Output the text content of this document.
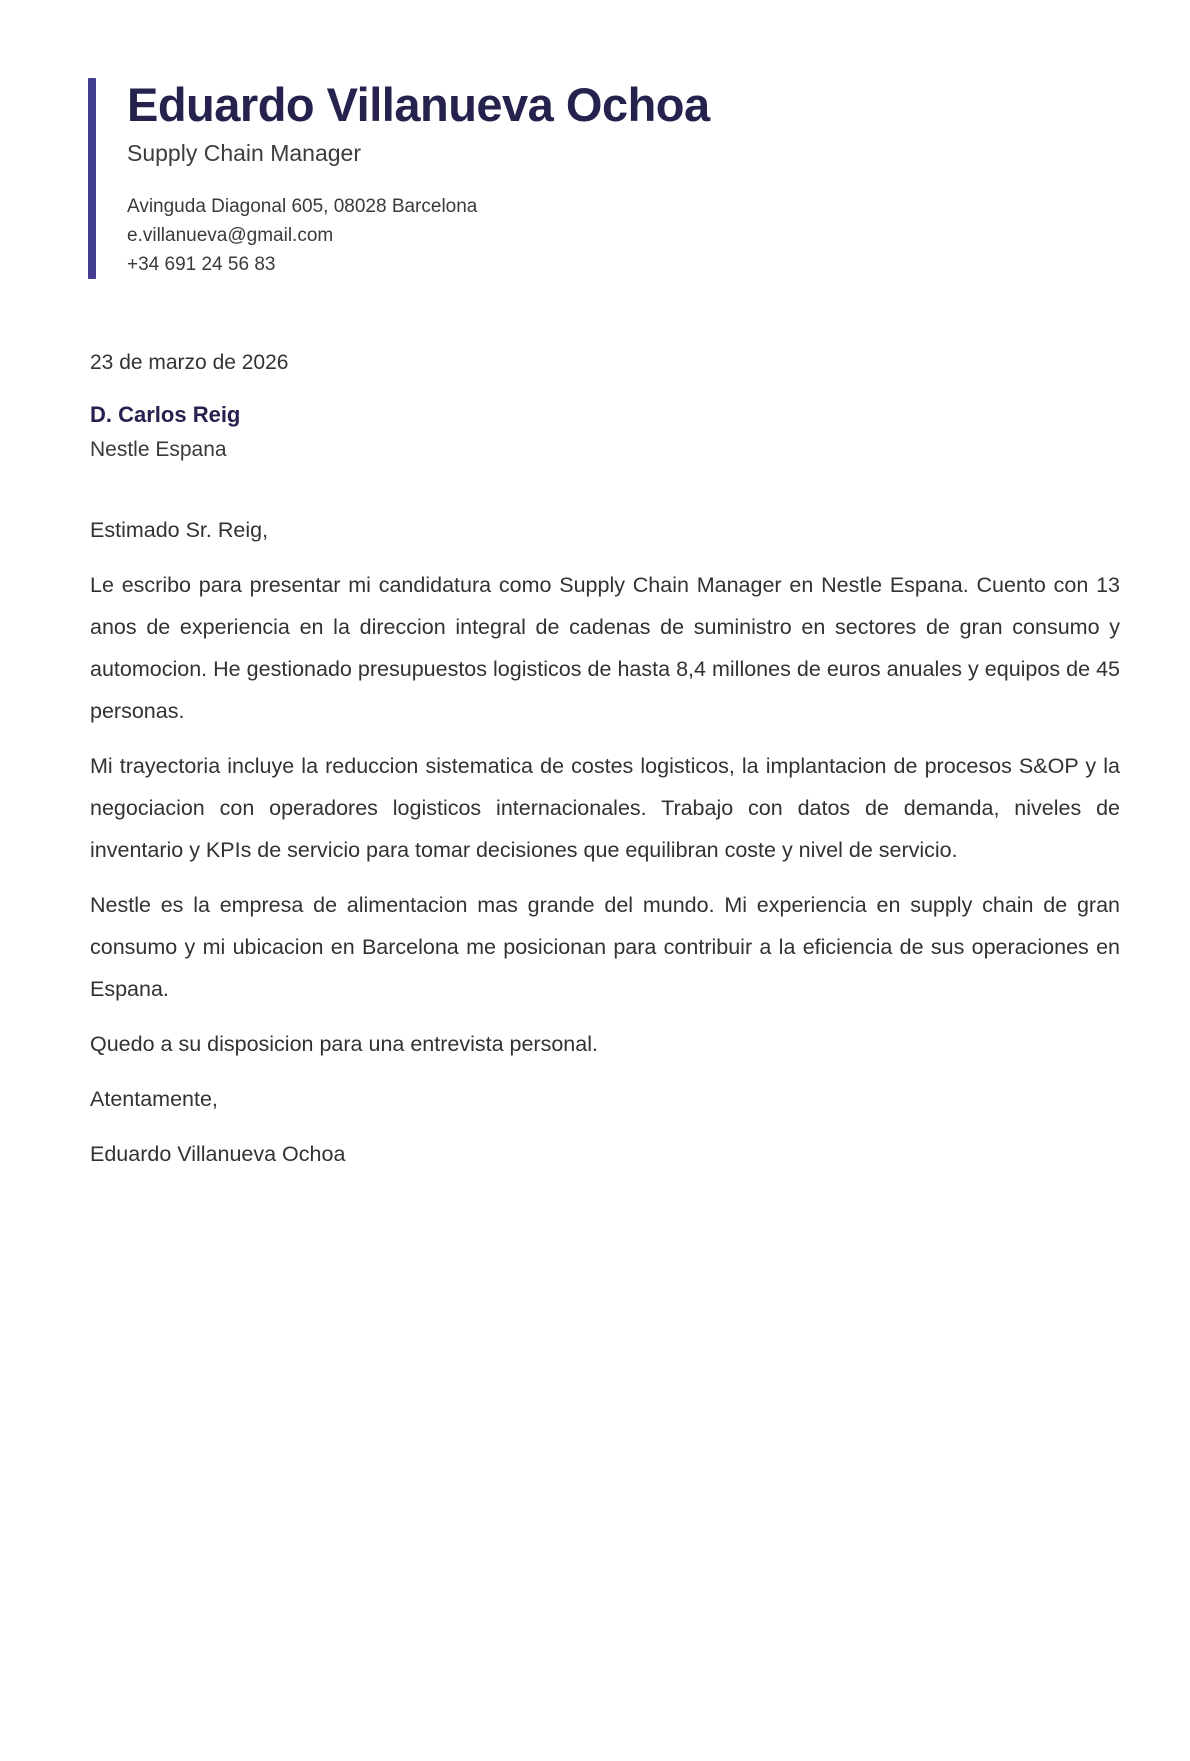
Eduardo Villanueva Ochoa
Supply Chain Manager
Avinguda Diagonal 605, 08028 Barcelona
e.villanueva@gmail.com
+34 691 24 56 83
23 de marzo de 2026
D. Carlos Reig
Nestle Espana

Estimado Sr. Reig,

Le escribo para presentar mi candidatura como Supply Chain Manager en Nestle Espana. Cuento con 13 anos de experiencia en la direccion integral de cadenas de suministro en sectores de gran consumo y automocion. He gestionado presupuestos logisticos de hasta 8,4 millones de euros anuales y equipos de 45 personas.

Mi trayectoria incluye la reduccion sistematica de costes logisticos, la implantacion de procesos S&OP y la negociacion con operadores logisticos internacionales. Trabajo con datos de demanda, niveles de inventario y KPIs de servicio para tomar decisiones que equilibran coste y nivel de servicio.

Nestle es la empresa de alimentacion mas grande del mundo. Mi experiencia en supply chain de gran consumo y mi ubicacion en Barcelona me posicionan para contribuir a la eficiencia de sus operaciones en Espana.

Quedo a su disposicion para una entrevista personal.

Atentamente,

Eduardo Villanueva Ochoa
